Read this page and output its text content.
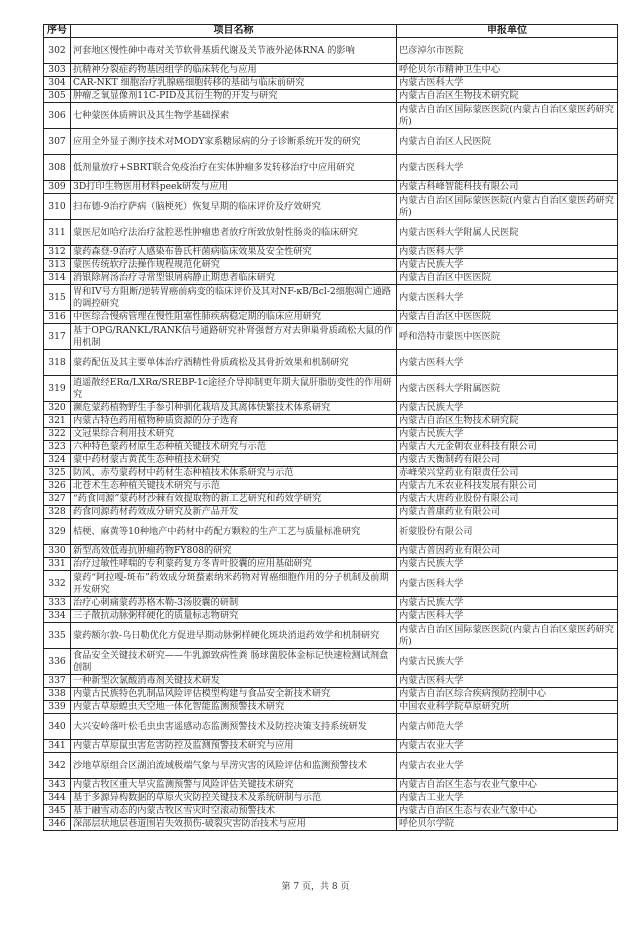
序号	项目名称	申报单位
302	河套地区慢性砷中毒对关节软骨基质代谢及关节液外泌体RNA 的影响	巴彦淖尔市医院
303	抗精神分裂症药物基因组学的临床转化与应用	呼伦贝尔市精神卫生中心
304	CAR-NKT 细胞治疗乳腺癌细胞转移的基础与临床前研究	内蒙古医科大学
305	肿瘤乏氧显像剂11C-PID及其衍生物的开发与研究	内蒙古自治区生物技术研究院
306	七种蒙医体质辨识及其生物学基础探索	内蒙古自治区国际蒙医医院(内蒙古自治区蒙医药研究所)
307	应用全外显子测序技术对MODY家系糖尿病的分子诊断系统开发的研究	内蒙古自治区人民医院
308	低剂量放疗+SBRT联合免疫治疗在实体肿瘤多发转移治疗中应用研究	内蒙古医科大学
309	3D打印生物医用材料peek研发与应用	内蒙古科峰智能科技有限公司
310	扫布德-9治疗萨病（脑梗死）恢复早期的临床评价及疗效研究	内蒙古自治区国际蒙医医院(内蒙古自治区蒙医药研究所)
311	蒙医尼如哈疗法治疗盆腔恶性肿瘤患者放疗所致放射性肠炎的临床研究	内蒙古医科大学附属人民医院
312	蒙药森登-9治疗人感染布鲁氏杆菌病临床效果及安全性研究	内蒙古医科大学
313	蒙医传统软疗法操作规程规范化研究	内蒙古民族大学
314	消银除屑汤治疗寻常型银屑病静止期患者临床研究	内蒙古自治区中医医院
315	胃和IV号方阻断/逆转胃癌前病变的临床评价及其对NF-κB/Bcl-2细胞凋亡通路的调控研究	内蒙古医科大学
316	中医综合慢病管理在慢性阻塞性肺疾病稳定期的临床应用研究	内蒙古自治区中医医院
317	基于OPG/RANKL/RANK信号通路研究补肾强督方对去卵巢骨质疏松大鼠的作用机制	呼和浩特市蒙医中医医院
318	蒙药配伍及其主要单体治疗酒精性骨质疏松及其骨折效果和机制研究	内蒙古医科大学
319	逍遥散经ERα/LXRα/SREBP-1c途径介导抑制更年期大鼠肝脂肪变性的作用研究	内蒙古医科大学附属医院
320	濒危蒙药植物野生手参引种驯化栽培及其离体快繁技术体系研究	内蒙古民族大学
321	内蒙古特色药用植物种质资源的分子选育	内蒙古自治区生物技术研究院
322	文冠果综合利用技术研究	内蒙古民族大学
323	六种特色蒙药材原生态种植关键技术研究与示范	内蒙古大元金朝农业科技有限公司
324	蒙中药材蒙古黄芪生态种植技术研究	内蒙古天衡制药有限公司
325	防风、赤芍蒙药材中药材生态种植技术体系研究与示范	赤峰荣兴堂药业有限责任公司
326	北苍术生态种植关键技术研究与示范	内蒙古九禾农业科技发展有限公司
327	“药食同源”蒙药材沙棘有效提取物的新工艺研究和药效学研究	内蒙古大唐药业股份有限公司
328	药食同源药材药效成分研究及新产品开发	内蒙古普康药业有限公司
329	桔梗、麻黄等10种地产中药材中药配方颗粒的生产工艺与质量标准研究	祈蒙股份有限公司
330	新型高效低毒抗肿瘤药物FY808的研究	内蒙古普因药业有限公司
331	治疗过敏性哮喘的专利蒙药复方冬青叶胶囊的应用基础研究	内蒙古民族大学
332	蒙药“阿拉嘎-斑布”药效成分斑蝥素纳米药物对胃癌细胞作用的分子机制及前期开发研究	内蒙古医科大学
333	治疗心刺痛蒙药苏格木勒-3汤胶囊的研制	内蒙古民族大学
334	三子散抗动脉粥样硬化的质量标志物研究	内蒙古医科大学
335	蒙药额尔敦-乌日勒优化方促进早期动脉粥样硬化斑块消退药效学和机制研究	内蒙古自治区国际蒙医医院(内蒙古自治区蒙医药研究所)
336	食品安全关键技术研究——牛乳源致病性粪 肠球菌胶体金标记快速检测试剂盒创制	内蒙古民族大学
337	一种新型次氯酸消毒剂关键技术研发	内蒙古医科大学
338	内蒙古民族特色乳制品风险评估模型构建与食品安全新技术研究	内蒙古自治区综合疾病预防控制中心
339	内蒙古草原蝗虫天空地一体化智能监测预警技术研究	中国农业科学院草原研究所
340	大兴安岭落叶松毛虫虫害遥感动态监测预警技术及防控决策支持系统研发	内蒙古师范大学
341	内蒙古草原鼠虫害危害防控及监测预警技术研究与应用	内蒙古农业大学
342	沙地草原组合区湖泊流域极端气象与旱涝灾害的风险评估和监测预警技术	内蒙古农业大学
343	内蒙古牧区重大旱灾监测预警与风险评估关键技术研究	内蒙古自治区生态与农业气象中心
344	基于多源异构数据的草原火灾防控关键技术及系统研制与示范	内蒙古工业大学
345	基于融雪动态的内蒙古牧区雪灾时空滚动预警技术	内蒙古自治区生态与农业气象中心
346	深部层状地层巷道围岩失效损伤-破裂灾害防治技术与应用	呼伦贝尔学院
第 7 页，共 8 页
